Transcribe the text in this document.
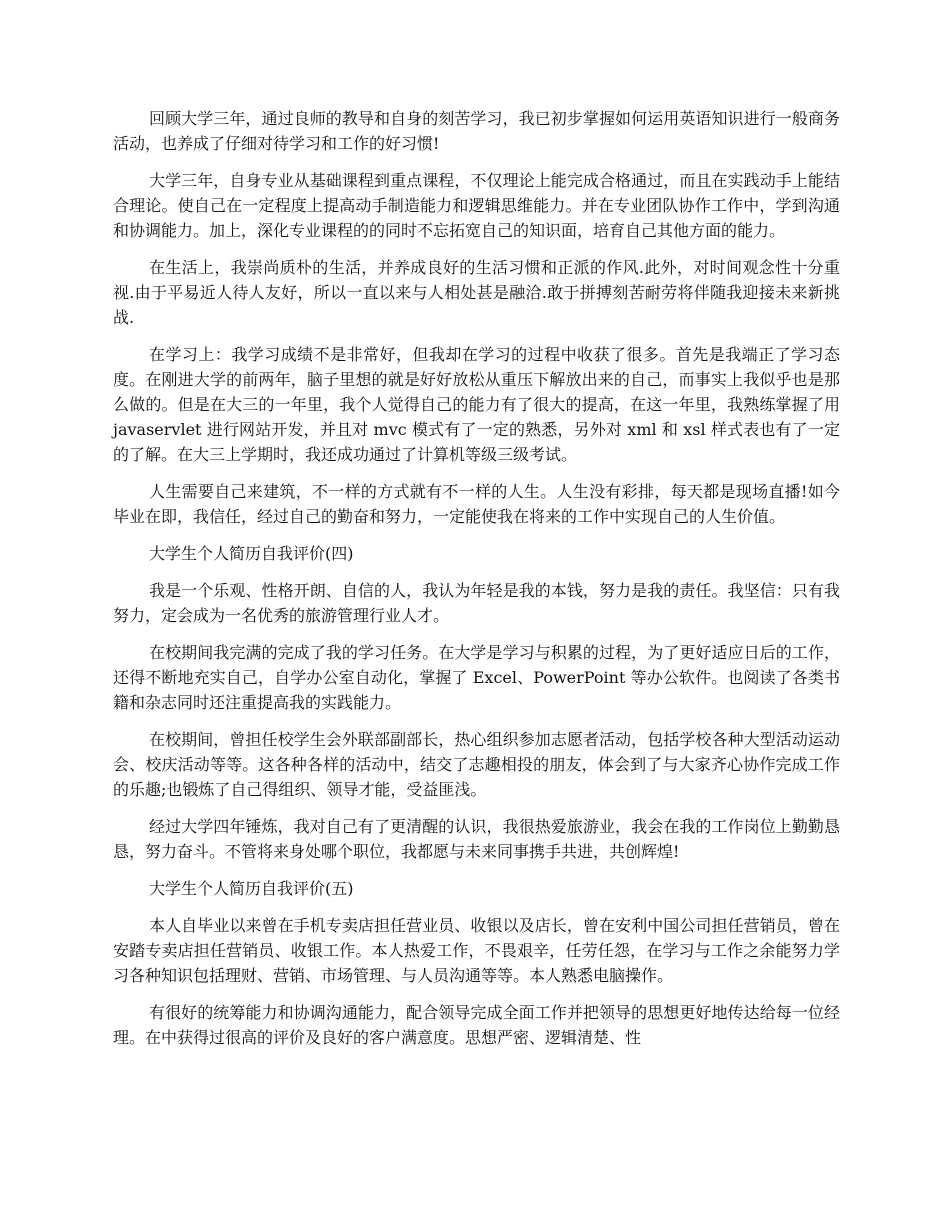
回顾大学三年，通过良师的教导和自身的刻苦学习，我已初步掌握如何运用英语知识进行一般商务活动，也养成了仔细对待学习和工作的好习惯!

大学三年，自身专业从基础课程到重点课程，不仅理论上能完成合格通过，而且在实践动手上能结合理论。使自己在一定程度上提高动手制造能力和逻辑思维能力。并在专业团队协作工作中，学到沟通和协调能力。加上，深化专业课程的的同时不忘拓宽自己的知识面，培育自己其他方面的能力。

在生活上，我崇尚质朴的生活，并养成良好的生活习惯和正派的作风.此外，对时间观念性十分重视.由于平易近人待人友好，所以一直以来与人相处甚是融洽.敢于拼搏刻苦耐劳将伴随我迎接未来新挑战.

在学习上：我学习成绩不是非常好，但我却在学习的过程中收获了很多。首先是我端正了学习态度。在刚进大学的前两年，脑子里想的就是好好放松从重压下解放出来的自己，而事实上我似乎也是那么做的。但是在大三的一年里，我个人觉得自己的能力有了很大的提高，在这一年里，我熟练掌握了用 javaservlet 进行网站开发，并且对 mvc 模式有了一定的熟悉，另外对 xml 和 xsl 样式表也有了一定的了解。在大三上学期时，我还成功通过了计算机等级三级考试。

人生需要自己来建筑，不一样的方式就有不一样的人生。人生没有彩排，每天都是现场直播!如今毕业在即，我信任，经过自己的勤奋和努力，一定能使我在将来的工作中实现自己的人生价值。

大学生个人简历自我评价(四)

我是一个乐观、性格开朗、自信的人，我认为年轻是我的本钱，努力是我的责任。我坚信：只有我努力，定会成为一名优秀的旅游管理行业人才。

在校期间我完满的完成了我的学习任务。在大学是学习与积累的过程，为了更好适应日后的工作，还得不断地充实自己，自学办公室自动化，掌握了 Excel、PowerPoint 等办公软件。也阅读了各类书籍和杂志同时还注重提高我的实践能力。

在校期间，曾担任校学生会外联部副部长，热心组织参加志愿者活动，包括学校各种大型活动运动会、校庆活动等等。这各种各样的活动中，结交了志趣相投的朋友，体会到了与大家齐心协作完成工作的乐趣;也锻炼了自己得组织、领导才能，受益匪浅。

经过大学四年锤炼，我对自己有了更清醒的认识，我很热爱旅游业，我会在我的工作岗位上勤勤恳恳，努力奋斗。不管将来身处哪个职位，我都愿与未来同事携手共进，共创辉煌!

大学生个人简历自我评价(五)

本人自毕业以来曾在手机专卖店担任营业员、收银以及店长，曾在安利中国公司担任营销员，曾在安踏专卖店担任营销员、收银工作。本人热爱工作，不畏艰辛，任劳任怨，在学习与工作之余能努力学习各种知识包括理财、营销、市场管理、与人员沟通等等。本人熟悉电脑操作。

有很好的统筹能力和协调沟通能力，配合领导完成全面工作并把领导的思想更好地传达给每一位经理。在中获得过很高的评价及良好的客户满意度。思想严密、逻辑清楚、性
